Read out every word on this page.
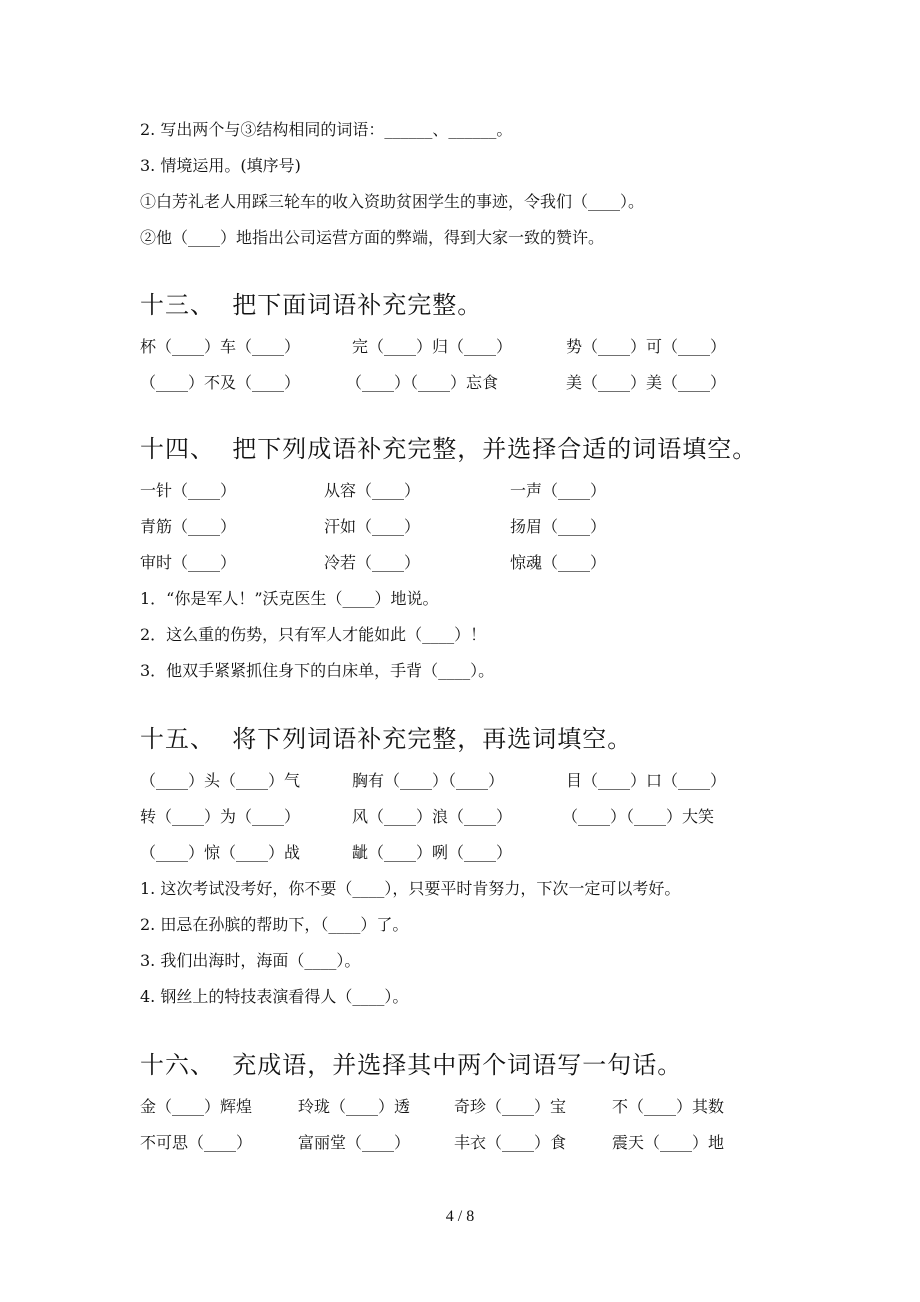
2. 写出两个与③结构相同的词语：______、______。
3. 情境运用。(填序号)
①白芳礼老人用踩三轮车的收入资助贫困学生的事迹，令我们（____）。
②他（____）地指出公司运营方面的弊端，得到大家一致的赞许。
十三、  把下面词语补充完整。
杯（____）车（____）	完（____）归（____）	势（____）可（____）
（____）不及（____）	（____）（____）忘食	美（____）美（____）
十四、  把下列成语补充完整，并选择合适的词语填空。
一针（____）	从容（____）	一声（____）
青筋（____）	汗如（____）	扬眉（____）
审时（____）	冷若（____）	惊魂（____）
1．“你是军人！”沃克医生（____）地说。
2．这么重的伤势，只有军人才能如此（____）！
3．他双手紧紧抓住身下的白床单，手背（____）。
十五、  将下列词语补充完整，再选词填空。
（____）头（____）气	胸有（____）（____）	目（____）口（____）
转（____）为（____）	风（____）浪（____）	（____）（____）大笑
（____）惊（____）战	龇（____）咧（____）
1. 这次考试没考好，你不要（____），只要平时肯努力，下次一定可以考好。
2. 田忌在孙膑的帮助下，（____）了。
3. 我们出海时，海面（____）。
4. 钢丝上的特技表演看得人（____）。
十六、  充成语，并选择其中两个词语写一句话。
金（____）辉煌	玲珑（____）透	奇珍（____）宝	不（____）其数
不可思（____）	富丽堂（____）	丰衣（____）食	震天（____）地
4 / 8
